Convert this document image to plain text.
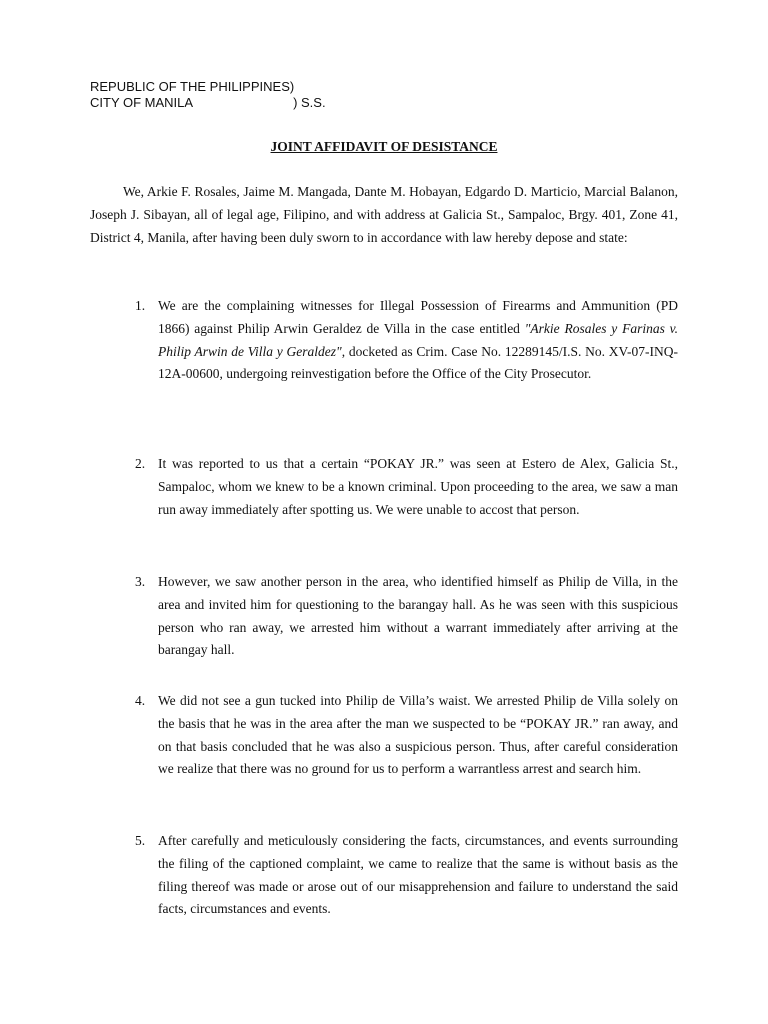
REPUBLIC OF THE PHILIPPINES)
CITY OF MANILA	) S.S.
JOINT AFFIDAVIT OF DESISTANCE

We, Arkie F. Rosales, Jaime M. Mangada, Dante M. Hobayan, Edgardo D. Marticio, Marcial Balanon, Joseph J. Sibayan, all of legal age, Filipino, and with address at Galicia St., Sampaloc, Brgy. 401, Zone 41, District 4, Manila, after having been duly sworn to in accordance with law hereby depose and state:

1. We are the complaining witnesses for Illegal Possession of Firearms and Ammunition (PD 1866) against Philip Arwin Geraldez de Villa in the case entitled "Arkie Rosales y Farinas v. Philip Arwin de Villa y Geraldez", docketed as Crim. Case No. 12289145/I.S. No. XV-07-INQ-12A-00600, undergoing reinvestigation before the Office of the City Prosecutor.

2. It was reported to us that a certain “POKAY JR.” was seen at Estero de Alex, Galicia St., Sampaloc, whom we knew to be a known criminal. Upon proceeding to the area, we saw a man run away immediately after spotting us. We were unable to accost that person.

3. However, we saw another person in the area, who identified himself as Philip de Villa, in the area and invited him for questioning to the barangay hall. As he was seen with this suspicious person who ran away, we arrested him without a warrant immediately after arriving at the barangay hall.

4. We did not see a gun tucked into Philip de Villa’s waist. We arrested Philip de Villa solely on the basis that he was in the area after the man we suspected to be “POKAY JR.” ran away, and on that basis concluded that he was also a suspicious person. Thus, after careful consideration we realize that there was no ground for us to perform a warrantless arrest and search him.

5. After carefully and meticulously considering the facts, circumstances, and events surrounding the filing of the captioned complaint, we came to realize that the same is without basis as the filing thereof was made or arose out of our misapprehension and failure to understand the said facts, circumstances and events.
